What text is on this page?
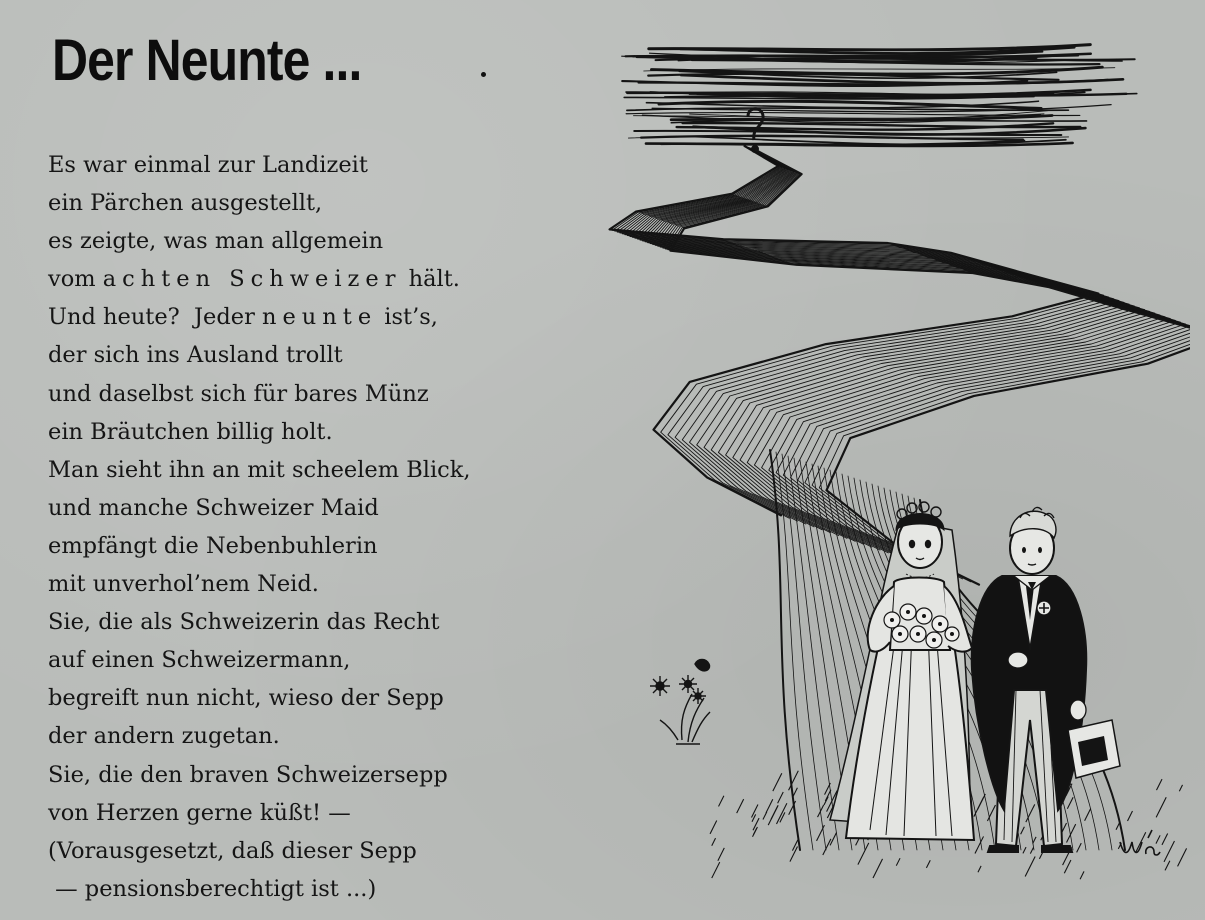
Der Neunte ...
Es war einmal zur Landizeit
ein Pärchen ausgestellt,
es zeigte, was man allgemein
vom achten Schweizer hält.
Und heute?  Jeder neunte ist’s,
der sich ins Ausland trollt
und daselbst sich für bares Münz
ein Bräutchen billig holt.
Man sieht ihn an mit scheelem Blick,
und manche Schweizer Maid
empfängt die Nebenbuhlerin
mit unverhol’nem Neid.
Sie, die als Schweizerin das Recht
auf einen Schweizermann,
begreift nun nicht, wieso der Sepp
der andern zugetan.
Sie, die den braven Schweizersepp
von Herzen gerne küßt! —
(Vorausgesetzt, daß dieser Sepp
— pensionsberechtigt ist ...)
